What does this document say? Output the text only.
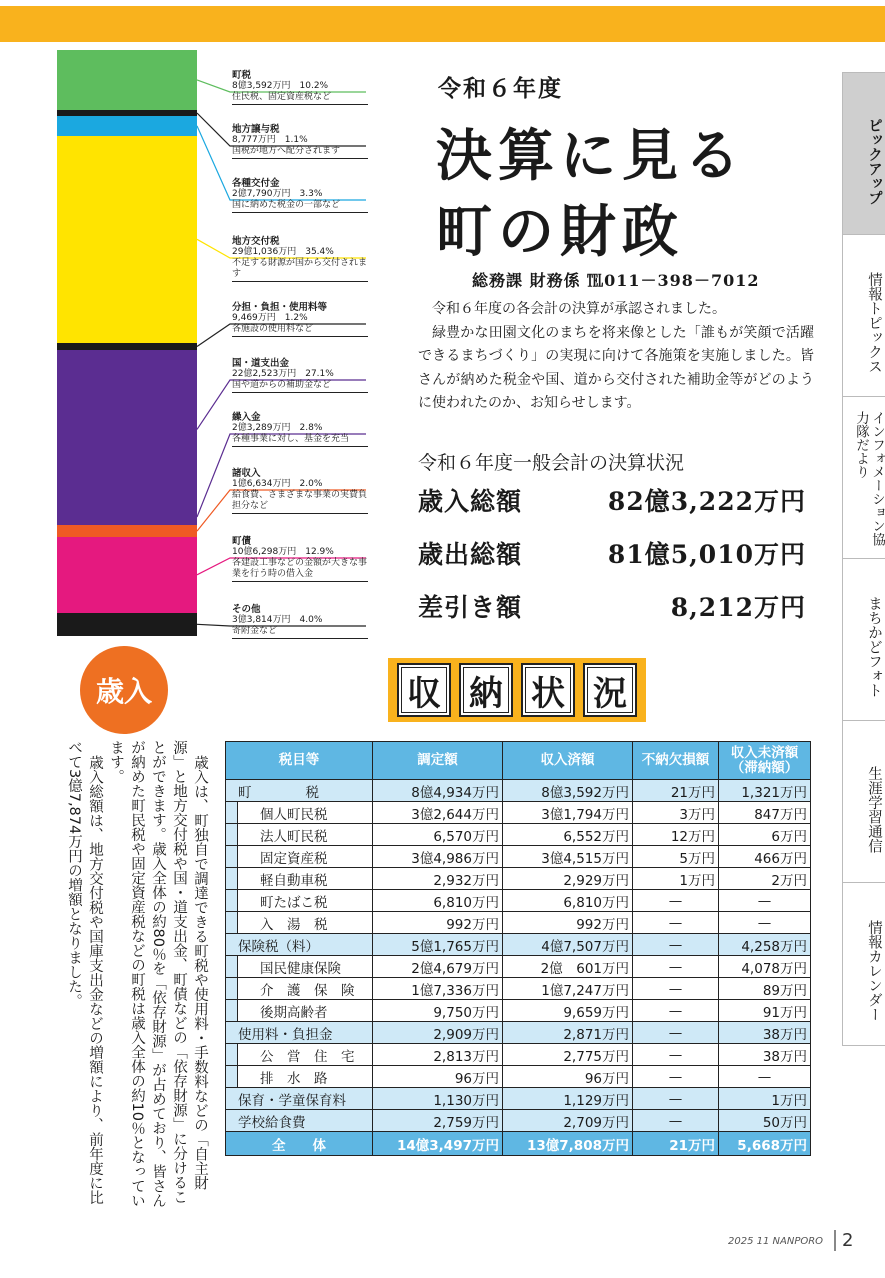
町税
8億3,592万円　 10.2%
住民税、固定資産税など
地方譲与税
8,777万円　 1.1%
国税が地方へ配分されます
各種交付金
2億7,790万円　 3.3%
国に納めた税金の一部など
地方交付税
29億1,036万円　 35.4%
不足する財源が国から交付されます
分担・負担・使用料等
9,469万円　 1.2%
各施設の使用料など
国・道支出金
22億2,523万円　 27.1%
国や道からの補助金など
繰入金
2億3,289万円　 2.8%
各種事業に対し、基金を充当
諸収入
1億6,634万円　 2.0%
給食費、さまざまな事業の実費負担分など
町債
10億6,298万円　 12.9%
各建設工事などの金額が大きな事業を行う時の借入金
その他
3億3,814万円　 4.0%
寄附金など
令和６年度
決算に見る
町の財政
総務課 財務係 ℡011－398－7012

令和６年度の各会計の決算が承認されました。

緑豊かな田園文化のまちを将来像とした「誰もが笑顔で活躍できるまちづくり」の実現に向けて各施策を実施しました。皆さんが納めた税金や国、道から交付された補助金等がどのように使われたのか、お知らせします。

令和６年度一般会計の決算状況
歳入総額	82億3,222万円
歳出総額	81億5,010万円
差引き額	8,212万円
ピックアップ
情報トピックス
インフォメーション協力隊だより
まちかどフォト
生涯学習通信
情報カレンダー
歳入

歳入は、町独自で調達できる町税や使用料・手数料などの「自主財源」と地方交付税や国・道支出金、町債などの「依存財源」に分けることができます。歳入全体の約80％を「依存財源」が占めており、皆さんが納めた町民税や固定資産税などの町税は歳入全体の約10％となっています。

歳入総額は、地方交付税や国庫支出金などの増額により、前年度に比べて3億7,874万円の増額となりました。

収 納 状 況
税目等		調定額	収入済額	不納欠損額	収入未済額（滞納額）
町　　　　税		8億4,934万円	8億3,592万円	21万円	1,321万円
	個人町民税	3億2,644万円	3億1,794万円	3万円	847万円
	法人町民税	6,570万円	6,552万円	12万円	6万円
	固定資産税	3億4,986万円	3億4,515万円	5万円	466万円
	軽自動車税	2,932万円	2,929万円	1万円	2万円
	町たばこ税	6,810万円	6,810万円	—	—
	入　湯　税	992万円	992万円	—	—
保険税（料）		5億1,765万円	4億7,507万円	—	4,258万円
	国民健康保険	2億4,679万円	2億　601万円	—	4,078万円
	介　護　保　険	1億7,336万円	1億7,247万円	—	89万円
	後期高齢者	9,750万円	9,659万円	—	91万円
使用料・負担金		2,909万円	2,871万円	—	38万円
	公　営　住　宅	2,813万円	2,775万円	—	38万円
	排　水　路	96万円	96万円	—	—
保育・学童保育料		1,130万円	1,129万円	—	1万円
学校給食費		2,759万円	2,709万円	—	50万円
全　　体		14億3,497万円	13億7,808万円	21万円	5,668万円
2025 11 NANPORO	2
